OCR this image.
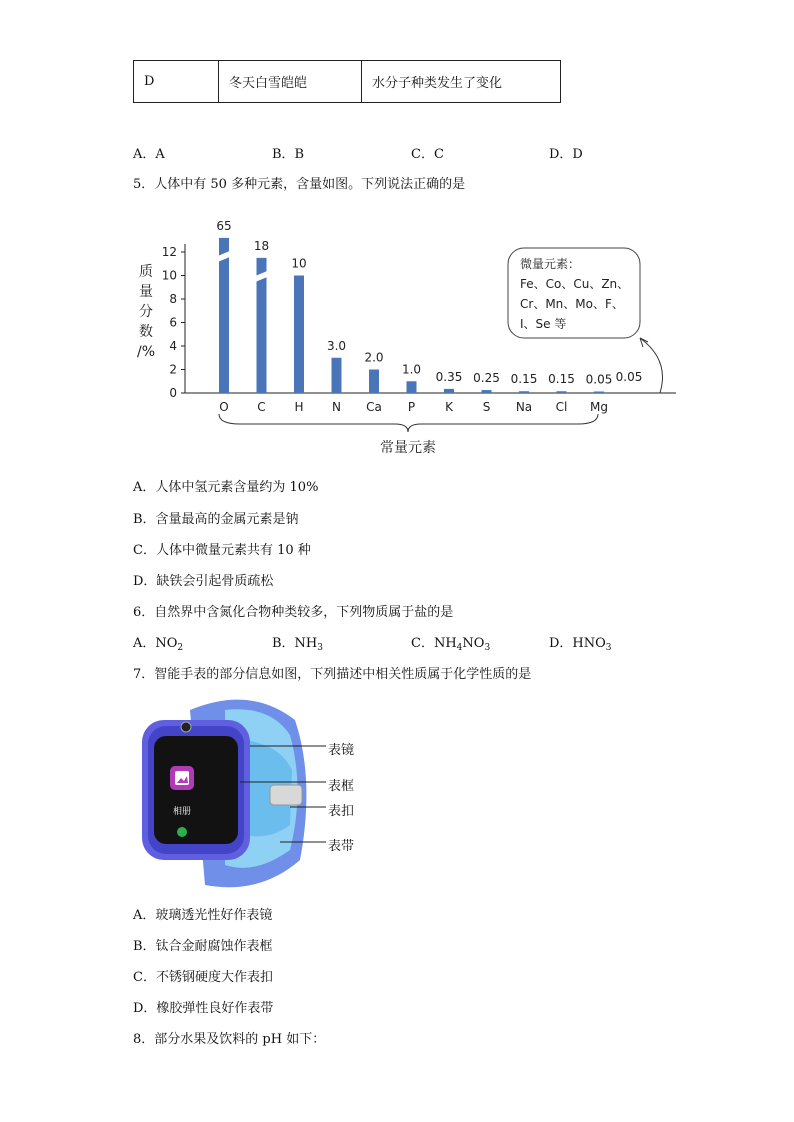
D	冬天白雪皑皑	水分子种类发生了变化
A．A	B．B	C．C	D．D
5．人体中有 50 多种元素，含量如图。下列说法正确的是
0
2
4
6
8
10
12
质
量
分
数
/%
65
O
18
C
10
H
3.0
N
2.0
Ca
1.0
P
0.35
K
0.25
S
0.15
Na
0.15
Cl
0.05
Mg
0.05
常量元素
微量元素：
Fe、Co、Cu、Zn、
Cr、Mn、Mo、F、
I、Se 等
A．人体中氢元素含量约为 10%
B．含量最高的金属元素是钠
C．人体中微量元素共有 10 种
D．缺铁会引起骨质疏松
6．自然界中含氮化合物种类较多，下列物质属于盐的是
A．$NO_2$	B．$NH_3$	C．$NH_4NO_3$	D．$HNO_3$
7．智能手表的部分信息如图，下列描述中相关性质属于化学性质的是
相册
表镜
表框
表扣
表带
A．玻璃透光性好作表镜
B．钛合金耐腐蚀作表框
C．不锈钢硬度大作表扣
D．橡胶弹性良好作表带
8．部分水果及饮料的 pH 如下：
